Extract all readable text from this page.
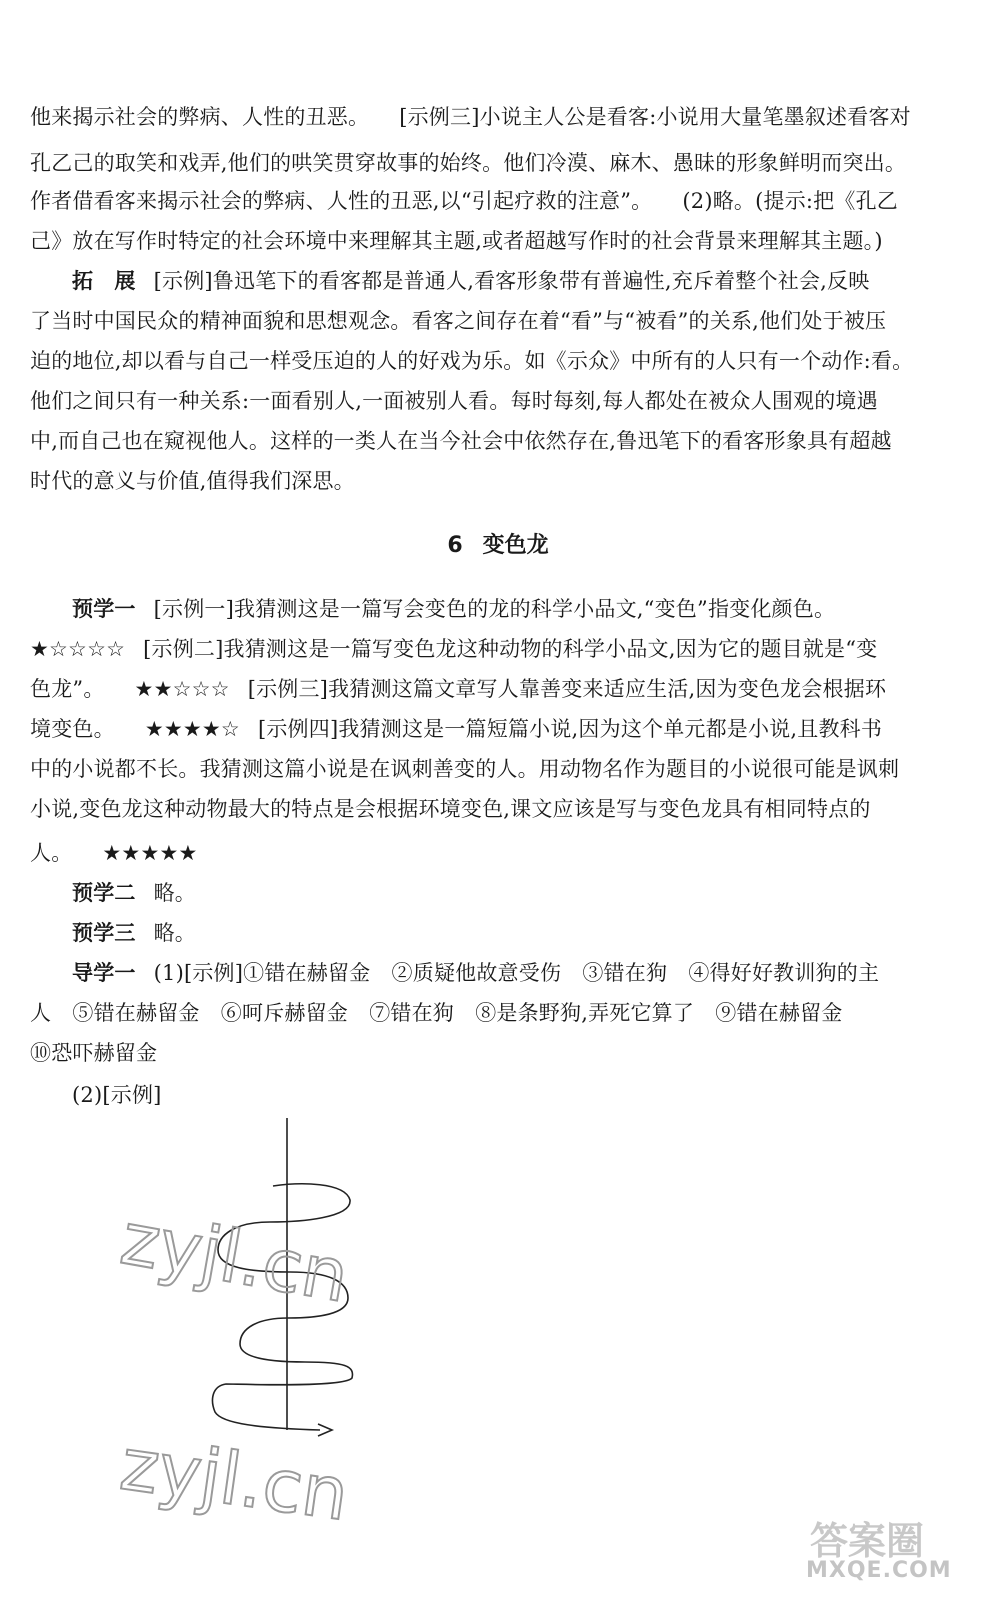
他来揭示社会的弊病、人性的丑恶。 [示例三]小说主人公是看客:小说用大量笔墨叙述看客对
孔乙己的取笑和戏弄,他们的哄笑贯穿故事的始终。他们冷漠、麻木、愚昧的形象鲜明而突出。
作者借看客来揭示社会的弊病、人性的丑恶,以“引起疗救的注意”。 (2)略。(提示:把《孔乙
己》放在写作时特定的社会环境中来理解其主题,或者超越写作时的社会背景来理解其主题。)
拓　展 [示例]鲁迅笔下的看客都是普通人,看客形象带有普遍性,充斥着整个社会,反映
了当时中国民众的精神面貌和思想观念。看客之间存在着“看”与“被看”的关系,他们处于被压
迫的地位,却以看与自己一样受压迫的人的好戏为乐。如《示众》中所有的人只有一个动作:看。
他们之间只有一种关系:一面看别人,一面被别人看。每时每刻,每人都处在被众人围观的境遇
中,而自己也在窥视他人。这样的一类人在当今社会中依然存在,鲁迅笔下的看客形象具有超越
时代的意义与价值,值得我们深思。
6 变色龙
预学一 [示例一]我猜测这是一篇写会变色的龙的科学小品文,“变色”指变化颜色。
★☆☆☆☆ [示例二]我猜测这是一篇写变色龙这种动物的科学小品文,因为它的题目就是“变
色龙”。 ★★☆☆☆ [示例三]我猜测这篇文章写人靠善变来适应生活,因为变色龙会根据环
境变色。 ★★★★☆ [示例四]我猜测这是一篇短篇小说,因为这个单元都是小说,且教科书
中的小说都不长。我猜测这篇小说是在讽刺善变的人。用动物名作为题目的小说很可能是讽刺
小说,变色龙这种动物最大的特点是会根据环境变色,课文应该是写与变色龙具有相同特点的
人。 ★★★★★
预学二 略。
预学三 略。
导学一 (1)[示例]①错在赫留金　②质疑他故意受伤　③错在狗　④得好好教训狗的主
人　⑤错在赫留金　⑥呵斥赫留金　⑦错在狗　⑧是条野狗,弄死它算了　⑨错在赫留金
⑩恐吓赫留金
(2)[示例]
zyjl.cn
zyjl.cn
答案圈
MXQE.COM
